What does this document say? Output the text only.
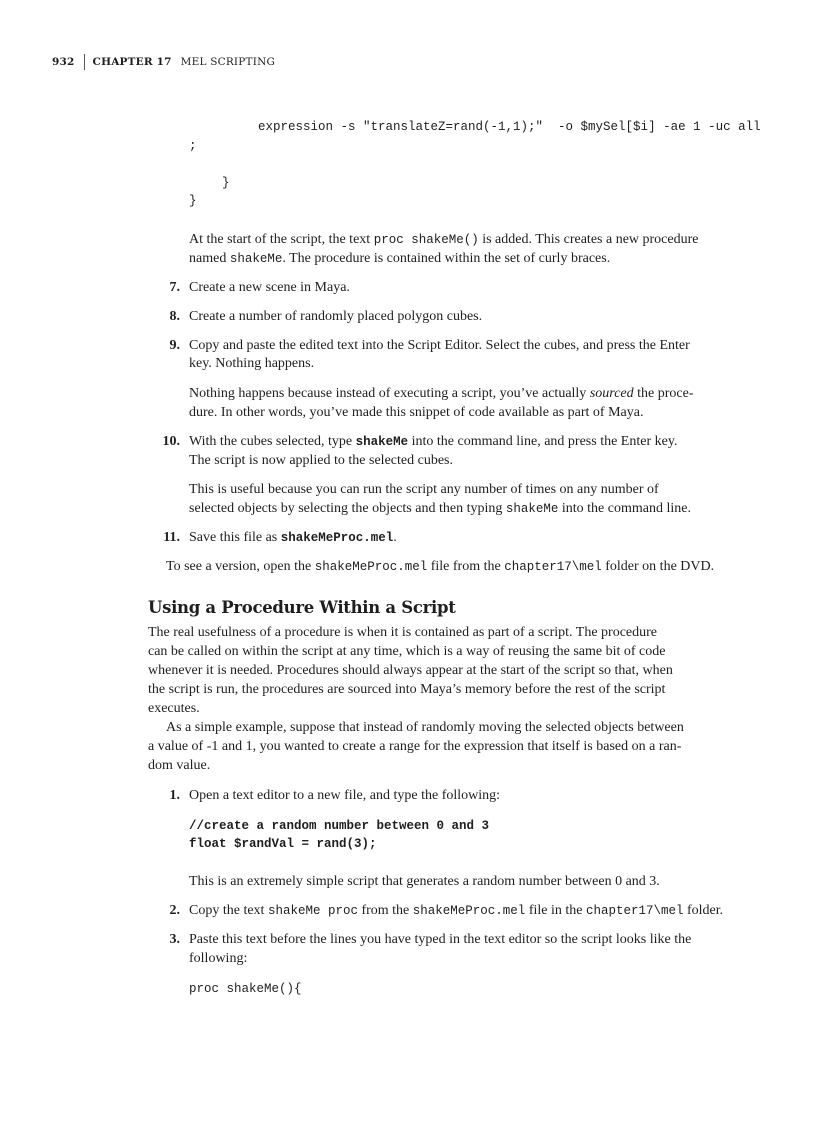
932	CHAPTER 17 MEL SCRIPTING
expression -s "translateZ=rand(-1,1);"  -o $mySel[$i] -ae 1 -uc all
;
}
}
At the start of the script, the text proc shakeMe() is added. This creates a new procedure
named shakeMe. The procedure is contained within the set of curly braces.
7. Create a new scene in Maya.
8. Create a number of randomly placed polygon cubes.
9. Copy and paste the edited text into the Script Editor. Select the cubes, and press the Enter
key. Nothing happens.
Nothing happens because instead of executing a script, you’ve actually sourced the proce-
dure. In other words, you’ve made this snippet of code available as part of Maya.
10. With the cubes selected, type shakeMe into the command line, and press the Enter key.
The script is now applied to the selected cubes.
This is useful because you can run the script any number of times on any number of
selected objects by selecting the objects and then typing shakeMe into the command line.
11. Save this file as shakeMeProc.mel.
To see a version, open the shakeMeProc.mel file from the chapter17\mel folder on the DVD.
Using a Procedure Within a Script
The real usefulness of a procedure is when it is contained as part of a script. The procedure
can be called on within the script at any time, which is a way of reusing the same bit of code
whenever it is needed. Procedures should always appear at the start of the script so that, when
the script is run, the procedures are sourced into Maya’s memory before the rest of the script
executes.
As a simple example, suppose that instead of randomly moving the selected objects between
a value of -1 and 1, you wanted to create a range for the expression that itself is based on a ran-
dom value.
1. Open a text editor to a new file, and type the following:
//create a random number between 0 and 3
float $randVal = rand(3);
This is an extremely simple script that generates a random number between 0 and 3.
2. Copy the text shakeMe proc from the shakeMeProc.mel file in the chapter17\mel folder.
3. Paste this text before the lines you have typed in the text editor so the script looks like the
following:
proc shakeMe(){
